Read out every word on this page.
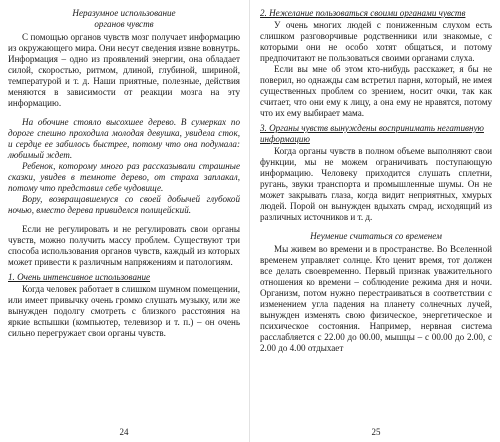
Неразумное использование
органов чувств

С помощью органов чувств мозг получает информацию из окружающего мира. Они несут сведения извне вовнутрь. Информация – одно из проявлений энергии, она обладает силой, скоростью, ритмом, длиной, глубиной, шириной, температурой и т. д. Наши приятные, полезные, действия меняются в зависимости от реакции мозга на эту информацию.

На обочине стояло высохшее дерево. В сумерках по дороге спешно проходила молодая девушка, увидела сток, и сердце ее забилось быстрее, потому что она подумала: любимый ждет.

Ребенок, которому много раз рассказывали страшные сказки, увидев в темноте дерево, от страха заплакал, потому что представил себе чудовище.

Вору, возвращавшемуся со своей добычей глубокой ночью, вместо дерева привиделся полицейский.

Если не регулировать и не регулировать свои органы чувств, можно получить массу проблем. Существуют три способа использования органов чувств, каждый из которых может привести к различным напряжениям и патологиям.

1. Очень интенсивное использование

Когда человек работает в слишком шумном помещении, или имеет привычку очень громко слушать музыку, или же вынужден подолгу смотреть с близкого расстояния на яркие вспышки (компьютер, телевизор и т. п.) – он очень сильно перегружает свои органы чувств.

24
2. Нежелание пользоваться своими органами чувств

У очень многих людей с пониженным слухом есть слишком разговорчивые родственники или знакомые, с которыми они не особо хотят общаться, и потому предпочитают не пользоваться своими органами слуха.

Если вы мне об этом кто-нибудь расскажет, я бы не поверил, но однажды сам встретил парня, который, не имея существенных проблем со зрением, носит очки, так как считает, что они ему к лицу, а она ему не нравятся, потому что их ему выбирает мама.

3. Органы чувств вынуждены воспринимать негативную информацию

Когда органы чувств в полном объеме выполняют свои функции, мы не можем ограничивать поступающую информацию. Человеку приходится слушать сплетни, ругань, звуки транспорта и промышленные шумы. Он не может закрывать глаза, когда видит неприятных, хмурых людей. Порой он вынужден вдыхать смрад, исходящий из различных источников и т. д.

Неумение считаться со временем

Мы живем во времени и в пространстве. Во Вселенной временем управляет солнце. Кто ценит время, тот должен все делать своевременно. Первый признак уважительного отношения ко времени – соблюдение режима дня и ночи. Организм, потом нужно перестраиваться в соответствии с изменением угла падения на планету солнечных лучей, вынужден изменять свою физическое, энергетическое и психическое состояния. Например, нервная система расслабляется с 22.00 до 00.00, мышцы – с 00.00 до 2.00, с 2.00 до 4.00 отдыхает

25
